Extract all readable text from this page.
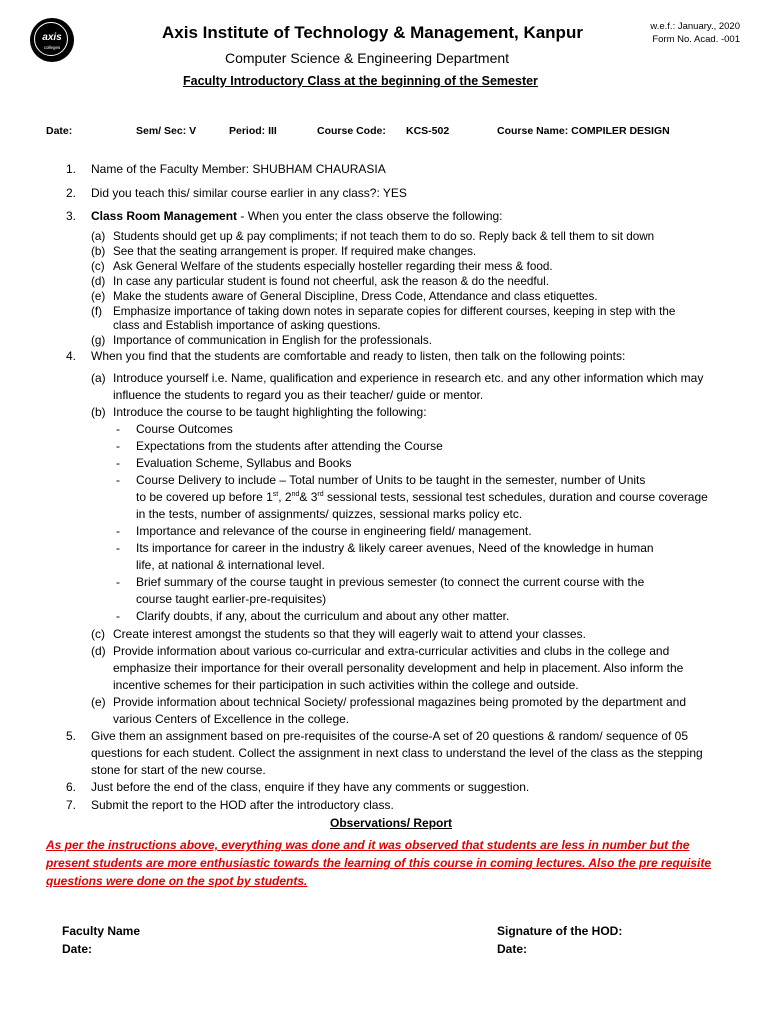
axis
colleges
Axis Institute of Technology & Management, Kanpur
Computer Science & Engineering Department
Faculty Introductory Class at the beginning of the Semester
w.e.f.: January., 2020
Form No. Acad. -001
Date:	Sem/ Sec: V	Period: III	Course Code: KCS-502	Course Name: COMPILER DESIGN
1. Name of the Faculty Member: SHUBHAM CHAURASIA
2. Did you teach this/ similar course earlier in any class?: YES
3. Class Room Management - When you enter the class observe the following:
(a) Students should get up & pay compliments; if not teach them to do so. Reply back & tell them to sit down
(b) See that the seating arrangement is proper. If required make changes.
(c) Ask General Welfare of the students especially hosteller regarding their mess & food.
(d) In case any particular student is found not cheerful, ask the reason & do the needful.
(e) Make the students aware of General Discipline, Dress Code, Attendance and class etiquettes.
(f) Emphasize importance of taking down notes in separate copies for different courses, keeping in step with the
class and Establish importance of asking questions.
(g) Importance of communication in English for the professionals.
4. When you find that the students are comfortable and ready to listen, then talk on the following points:
(a) Introduce yourself i.e. Name, qualification and experience in research etc. and any other information which may
influence the students to regard you as their teacher/ guide or mentor.
(b) Introduce the course to be taught highlighting the following:
- Course Outcomes
- Expectations from the students after attending the Course
- Evaluation Scheme, Syllabus and Books
- Course Delivery to include – Total number of Units to be taught in the semester, number of Units
to be covered up before 1st, 2nd& 3rd sessional tests, sessional test schedules, duration and course coverage
in the tests, number of assignments/ quizzes, sessional marks policy etc.
- Importance and relevance of the course in engineering field/ management.
- Its importance for career in the industry & likely career avenues, Need of the knowledge in human
life, at national & international level.
- Brief summary of the course taught in previous semester (to connect the current course with the
course taught earlier-pre-requisites)
- Clarify doubts, if any, about the curriculum and about any other matter.
(c) Create interest amongst the students so that they will eagerly wait to attend your classes.
(d) Provide information about various co-curricular and extra-curricular activities and clubs in the college and
emphasize their importance for their overall personality development and help in placement. Also inform the
incentive schemes for their participation in such activities within the college and outside.
(e) Provide information about technical Society/ professional magazines being promoted by the department and
various Centers of Excellence in the college.
5. Give them an assignment based on pre-requisites of the course-A set of 20 questions & random/ sequence of 05
questions for each student. Collect the assignment in next class to understand the level of the class as the stepping
stone for start of the new course.
6. Just before the end of the class, enquire if they have any comments or suggestion.
7. Submit the report to the HOD after the introductory class.
Observations/ Report
As per the instructions above, everything was done and it was observed that students are less in number but the
present students are more enthusiastic towards the learning of this course in coming lectures. Also the pre requisite
questions were done on the spot by students.
Faculty Name
Date:
Signature of the HOD:
Date:
